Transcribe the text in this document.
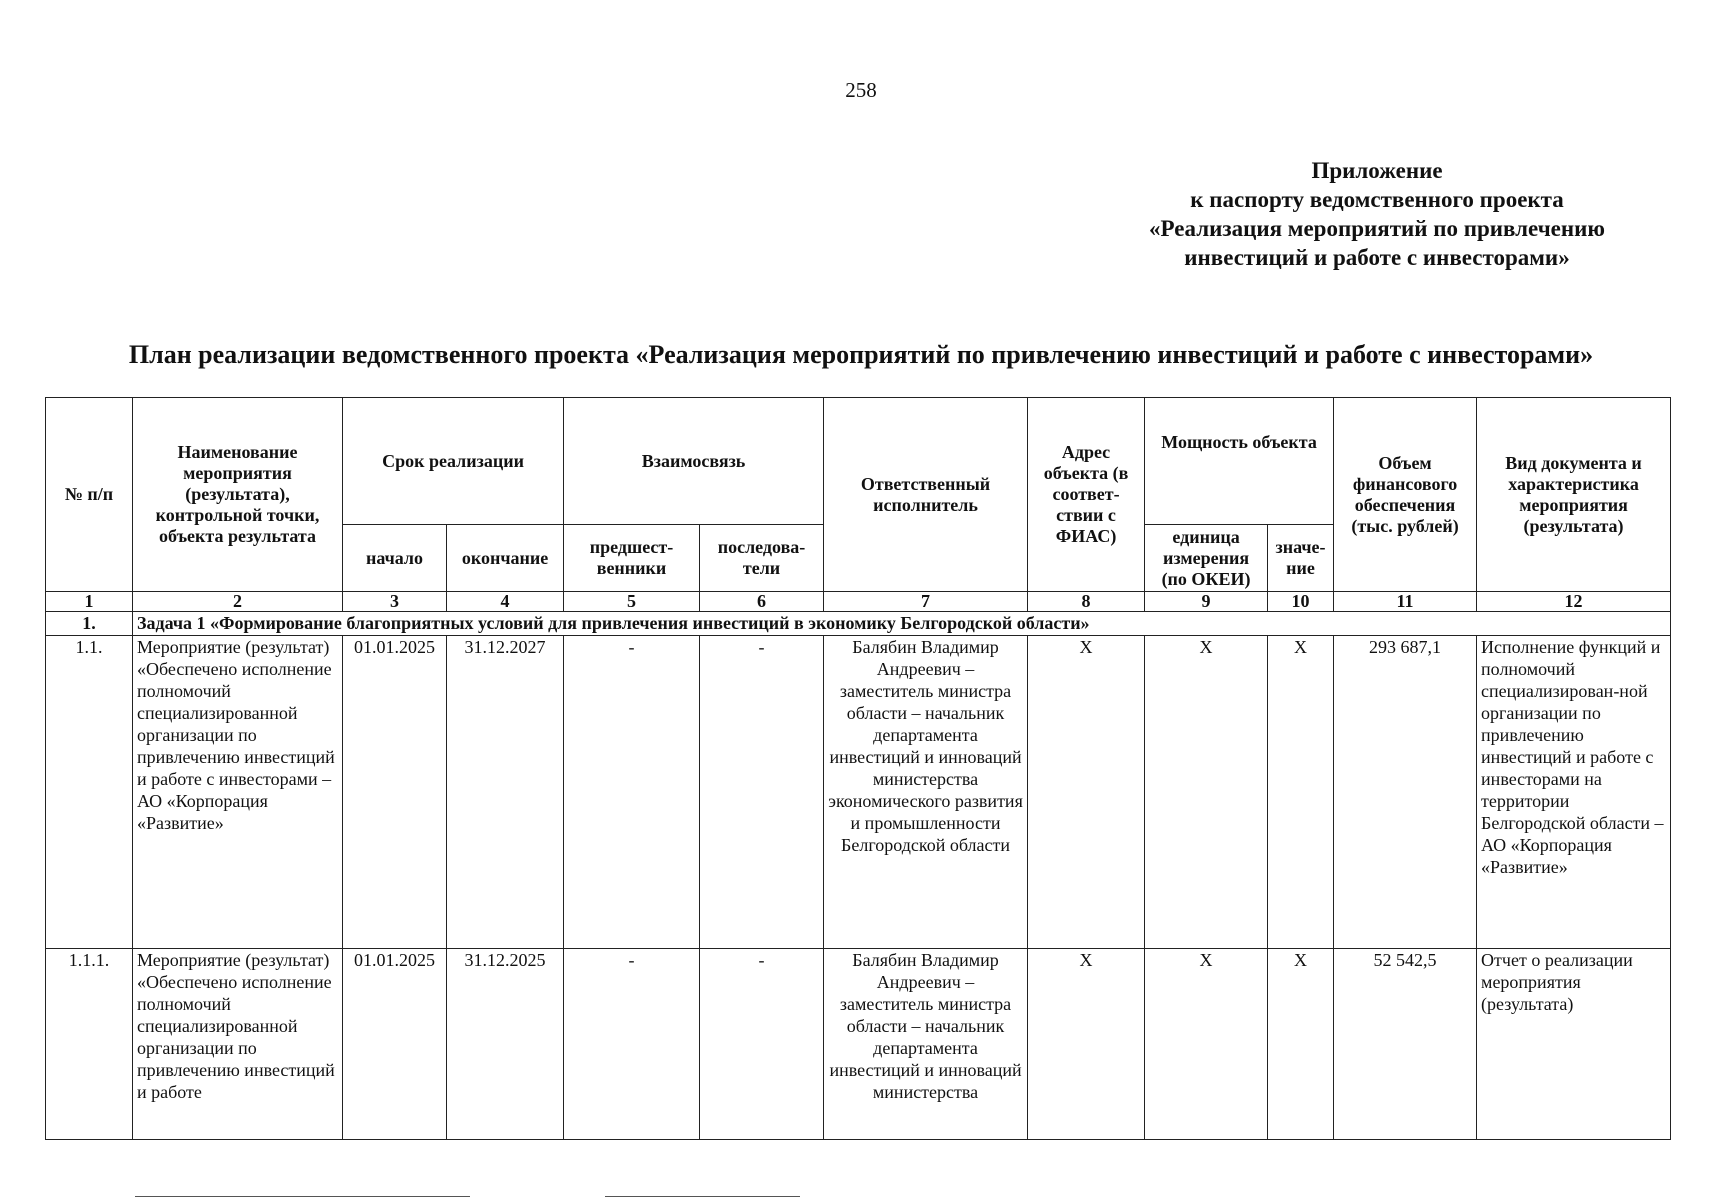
258
Приложение
к паспорту ведомственного проекта
«Реализация мероприятий по привлечению
инвестиций и работе с инвесторами»
План реализации ведомственного проекта «Реализация мероприятий по привлечению инвестиций и работе с инвесторами»
№ п/п	Наименование мероприятия (результата), контрольной точки, объекта результата	Срок реализации		Взаимосвязь		Ответственный исполнитель	Адрес объекта (в соответ-ствии с ФИАС)	Мощность объекта		Объем финансового обеспечения (тыс. рублей)	Вид документа и характеристика мероприятия (результата)
		начало	окончание	предшест-венники	последова-тели			единица измерения (по ОКЕИ)	значе-ние		
1	2	3	4	5	6	7	8	9	10	11	12
1.	Задача 1 «Формирование благоприятных условий для привлечения инвестиций в экономику Белгородской области»										
1.1.	Мероприятие (результат) «Обеспечено исполнение полномочий специализированной организации по привлечению инвестиций и работе с инвесторами – АО «Корпорация «Развитие»	01.01.2025	31.12.2027	-	-	Балябин Владимир Андреевич – заместитель министра области – начальник департамента инвестиций и инноваций министерства экономического развития и промышленности Белгородской области	Х	Х	Х	293 687,1	Исполнение функций и полномочий специализирован-ной организации по привлечению инвестиций и работе с инвесторами на территории Белгородской области – АО «Корпорация «Развитие»
1.1.1.	Мероприятие (результат) «Обеспечено исполнение полномочий специализированной организации по привлечению инвестиций и работе	01.01.2025	31.12.2025	-	-	Балябин Владимир Андреевич – заместитель министра области – начальник департамента инвестиций и инноваций министерства	Х	Х	Х	52 542,5	Отчет о реализации мероприятия (результата)
